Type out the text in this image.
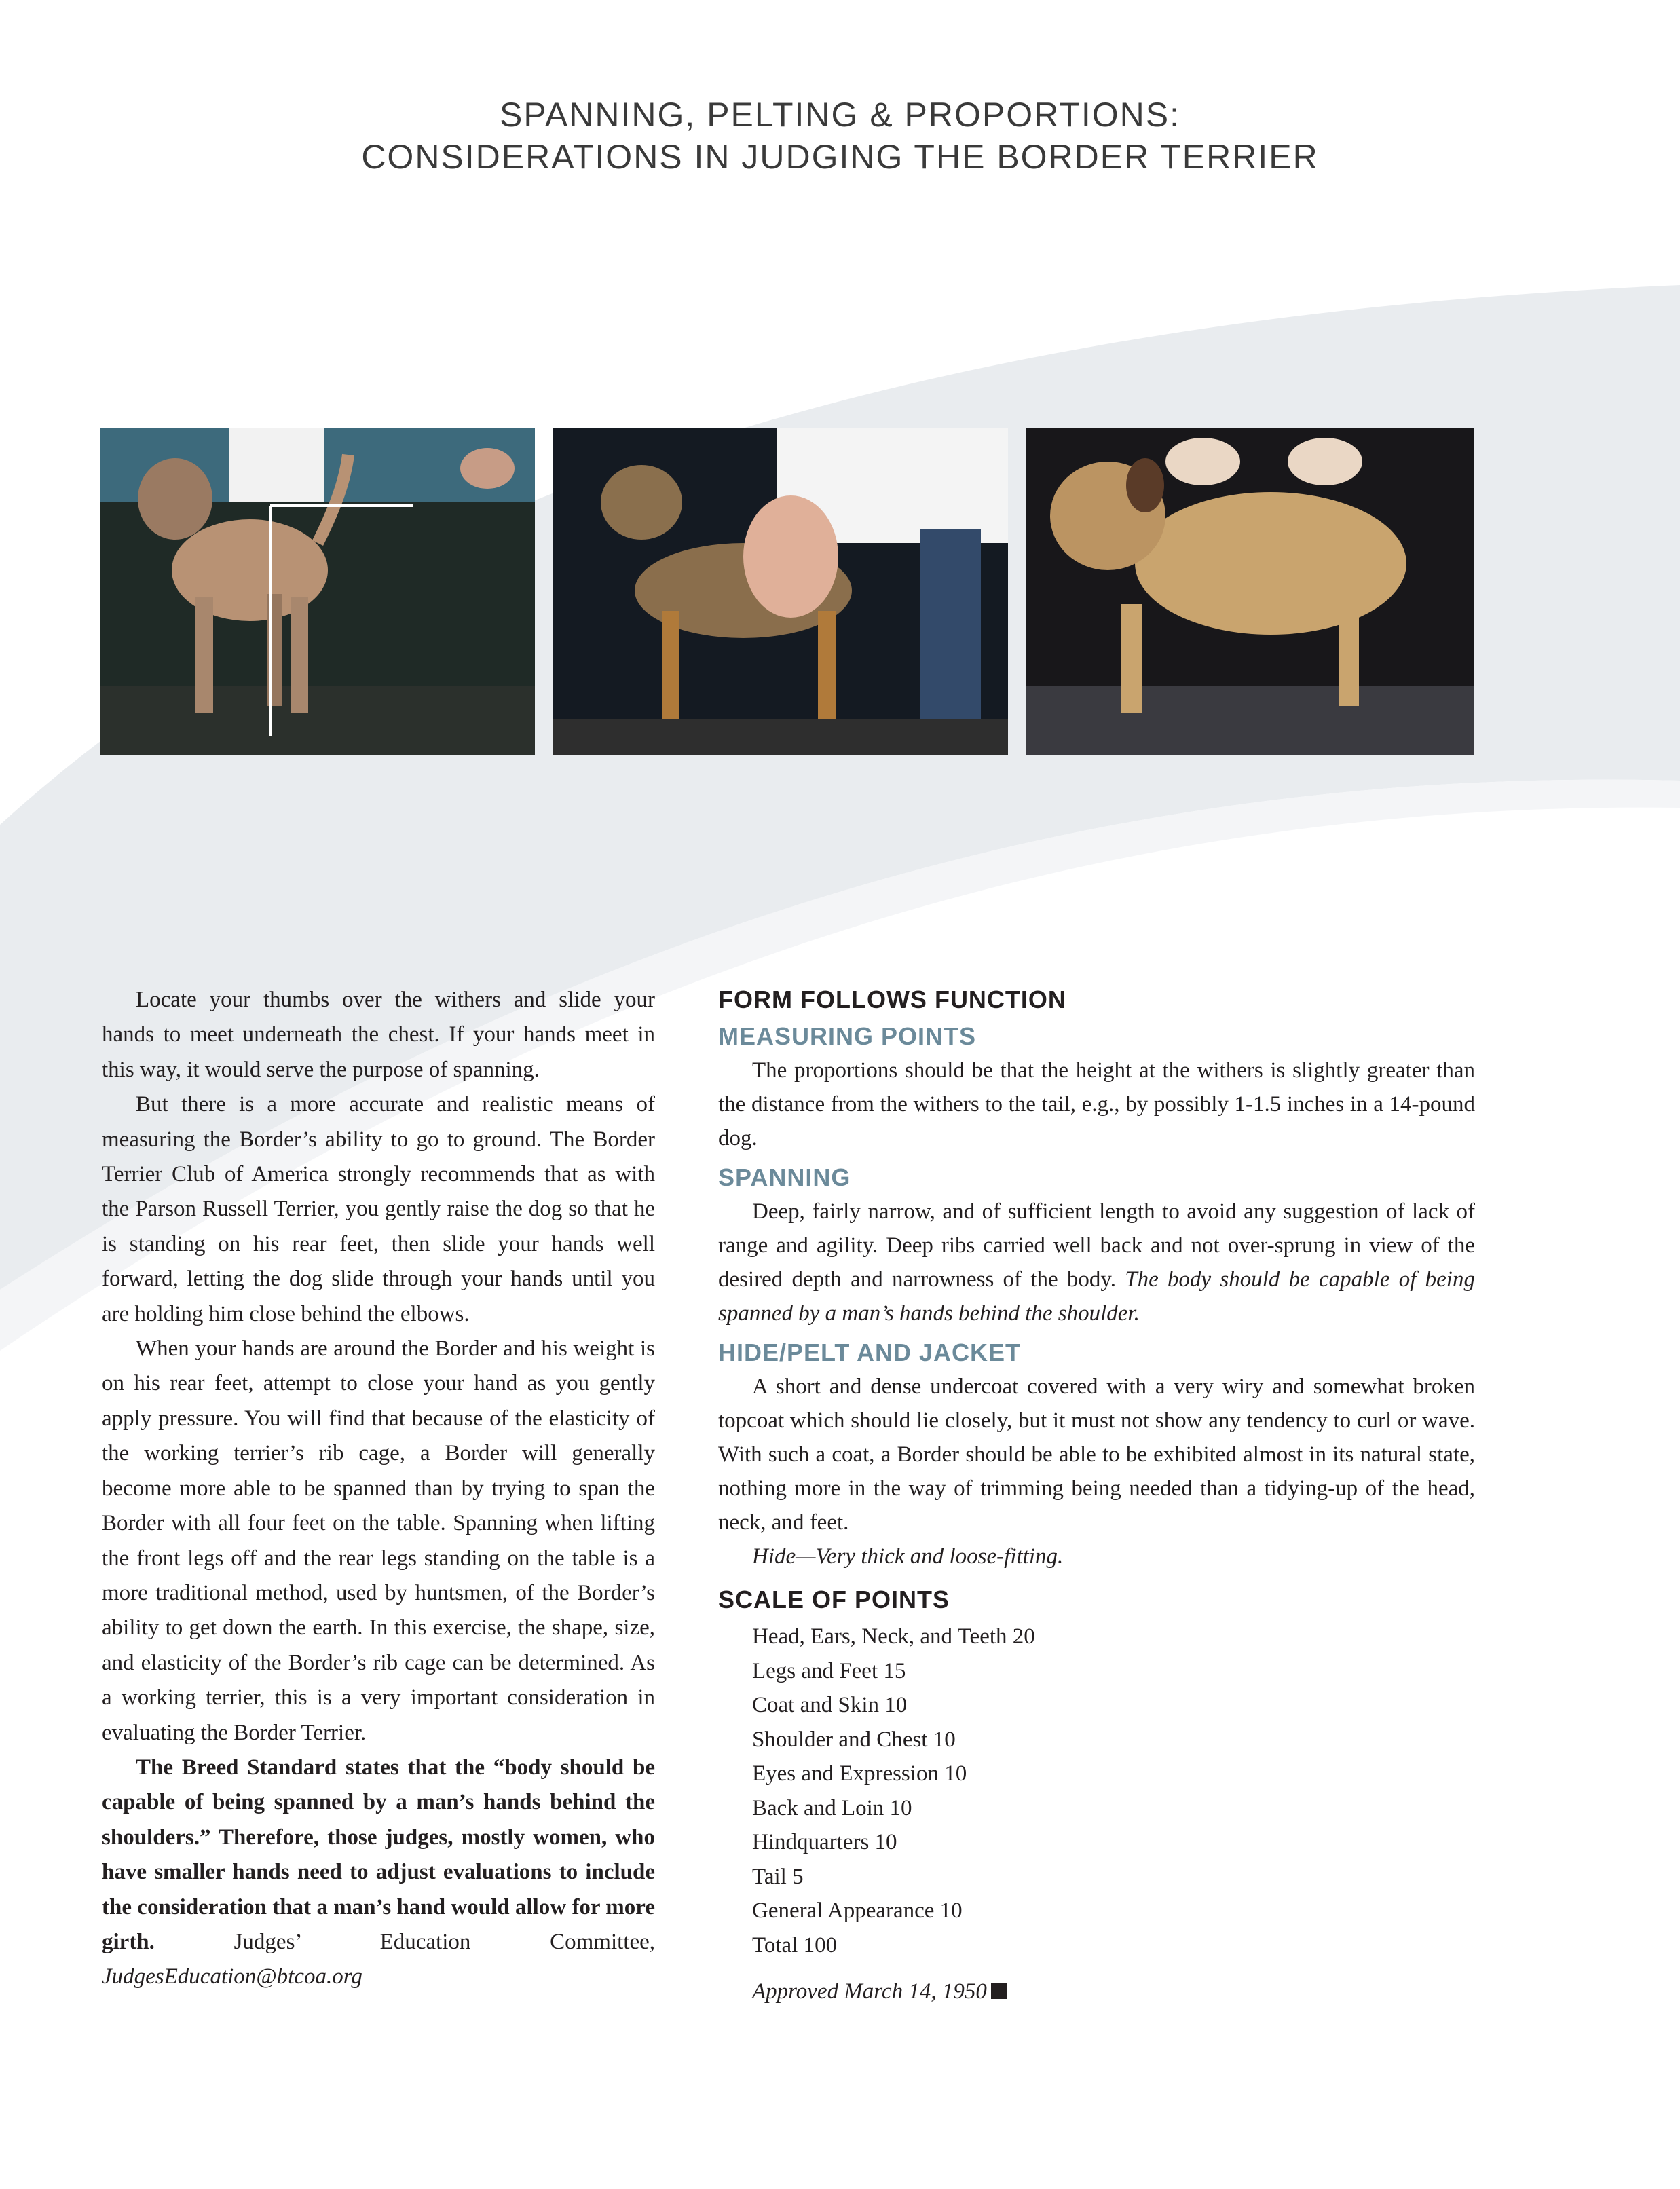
SPANNING, PELTING & PROPORTIONS:
CONSIDERATIONS IN JUDGING THE BORDER TERRIER

Locate your thumbs over the withers and slide your hands to meet underneath the chest. If your hands meet in this way, it would serve the purpose of spanning.

But there is a more accurate and realistic means of measuring the Border’s ability to go to ground. The Border Terrier Club of America strongly recommends that as with the Parson Russell Terrier, you gently raise the dog so that he is standing on his rear feet, then slide your hands well forward, letting the dog slide through your hands until you are holding him close behind the elbows.

When your hands are around the Border and his weight is on his rear feet, attempt to close your hand as you gently apply pressure. You will find that because of the elasticity of the working terrier’s rib cage, a Border will generally become more able to be spanned than by trying to span the Border with all four feet on the table. Spanning when lifting the front legs off and the rear legs standing on the table is a more traditional method, used by huntsmen, of the Border’s ability to get down the earth. In this exercise, the shape, size, and elasticity of the Border’s rib cage can be determined. As a working terrier, this is a very important consideration in evaluating the Border Terrier.

The Breed Standard states that the “body should be capable of being spanned by a man’s hands behind the shoulders.” Therefore, those judges, mostly women, who have smaller hands need to adjust evaluations to include the consideration that a man’s hand would allow for more girth. Judges’ Education Committee, JudgesEducation@btcoa.org

FORM FOLLOWS FUNCTION
MEASURING POINTS

The proportions should be that the height at the withers is slightly greater than the distance from the withers to the tail, e.g., by possibly 1-1.5 inches in a 14-pound dog.

SPANNING

Deep, fairly narrow, and of sufficient length to avoid any suggestion of lack of range and agility. Deep ribs carried well back and not over-sprung in view of the desired depth and narrowness of the body. The body should be capable of being spanned by a man’s hands behind the shoulder.

HIDE/PELT AND JACKET

A short and dense undercoat covered with a very wiry and somewhat broken topcoat which should lie closely, but it must not show any tendency to curl or wave. With such a coat, a Border should be able to be exhibited almost in its natural state, nothing more in the way of trimming being needed than a tidying-up of the head, neck, and feet.

Hide—Very thick and loose-fitting.

SCALE OF POINTS
Head, Ears, Neck, and Teeth 20
Legs and Feet 15
Coat and Skin 10
Shoulder and Chest 10
Eyes and Expression 10
Back and Loin 10
Hindquarters 10
Tail 5
General Appearance 10
Total 100
Approved March 14, 1950
